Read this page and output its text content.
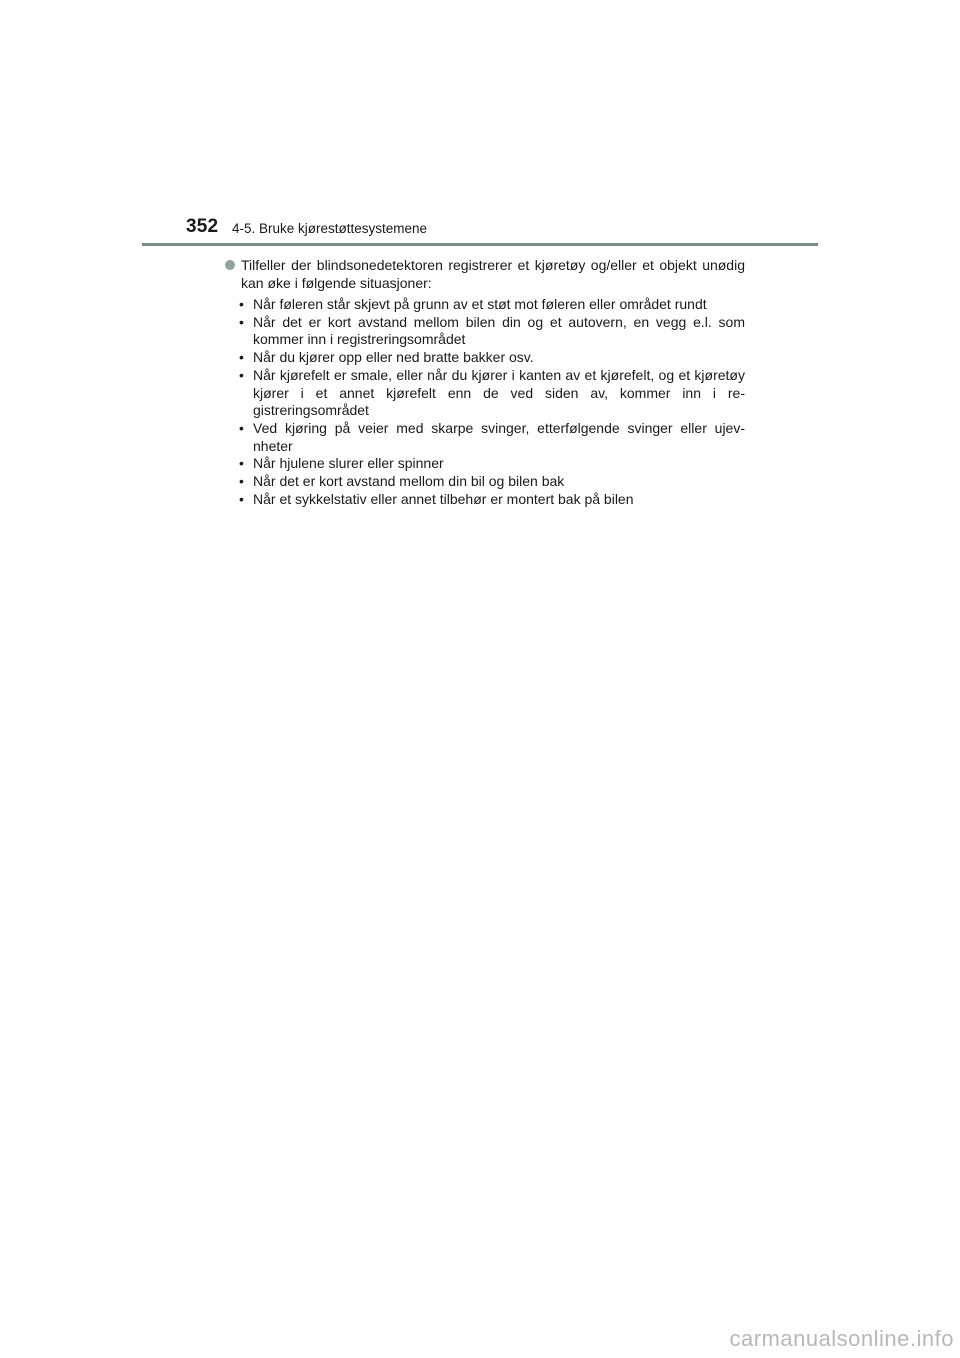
352 4-5. Bruke kjørestøttesystemene
Tilfeller der blindsonedetektoren registrerer et kjøretøy og/eller et objekt unødig kan øke i følgende situasjoner:
• Når føleren står skjevt på grunn av et støt mot føleren eller området rundt
• Når det er kort avstand mellom bilen din og et autovern, en vegg e.l. som kommer inn i registreringsområdet
• Når du kjører opp eller ned bratte bakker osv.
• Når kjørefelt er smale, eller når du kjører i kanten av et kjørefelt, og et kjøretøy kjører i et annet kjørefelt enn de ved siden av, kommer inn i re-gistreringsområdet
• Ved kjøring på veier med skarpe svinger, etterfølgende svinger eller ujev-nheter
• Når hjulene slurer eller spinner
• Når det er kort avstand mellom din bil og bilen bak
• Når et sykkelstativ eller annet tilbehør er montert bak på bilen
carmanualsonline.info
